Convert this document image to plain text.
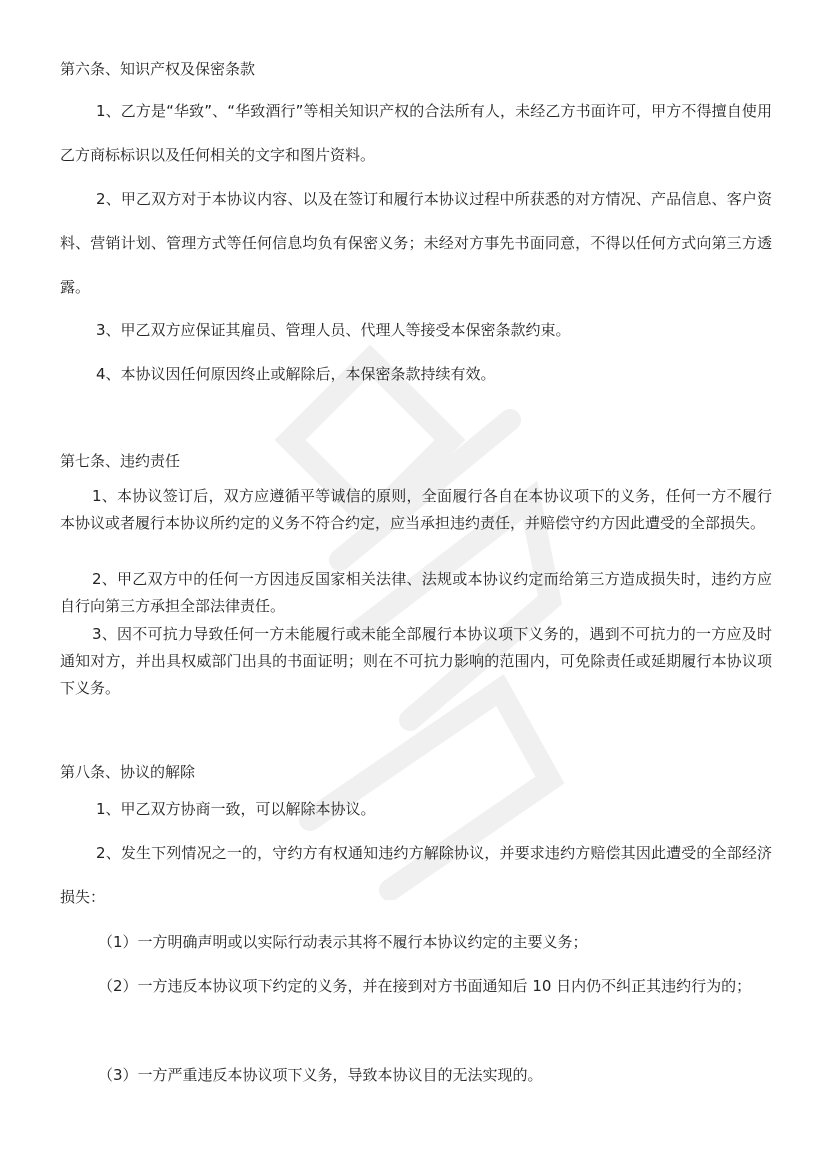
第六条、知识产权及保密条款
1、乙方是“华致”、“华致酒行”等相关知识产权的合法所有人，未经乙方书面许可，甲方不得擅自使用乙方商标标识以及任何相关的文字和图片资料。
2、甲乙双方对于本协议内容、以及在签订和履行本协议过程中所获悉的对方情况、产品信息、客户资料、营销计划、管理方式等任何信息均负有保密义务；未经对方事先书面同意，不得以任何方式向第三方透露。
3、甲乙双方应保证其雇员、管理人员、代理人等接受本保密条款约束。
4、本协议因任何原因终止或解除后，本保密条款持续有效。
第七条、违约责任
1、本协议签订后，双方应遵循平等诚信的原则，全面履行各自在本协议项下的义务，任何一方不履行本协议或者履行本协议所约定的义务不符合约定，应当承担违约责任，并赔偿守约方因此遭受的全部损失。
2、甲乙双方中的任何一方因违反国家相关法律、法规或本协议约定而给第三方造成损失时，违约方应自行向第三方承担全部法律责任。
3、因不可抗力导致任何一方未能履行或未能全部履行本协议项下义务的，遇到不可抗力的一方应及时通知对方，并出具权威部门出具的书面证明；则在不可抗力影响的范围内，可免除责任或延期履行本协议项下义务。
第八条、协议的解除
1、甲乙双方协商一致，可以解除本协议。
2、发生下列情况之一的，守约方有权通知违约方解除协议，并要求违约方赔偿其因此遭受的全部经济损失：
（1）一方明确声明或以实际行动表示其将不履行本协议约定的主要义务；
（2）一方违反本协议项下约定的义务，并在接到对方书面通知后 10 日内仍不纠正其违约行为的；
（3）一方严重违反本协议项下义务，导致本协议目的无法实现的。
